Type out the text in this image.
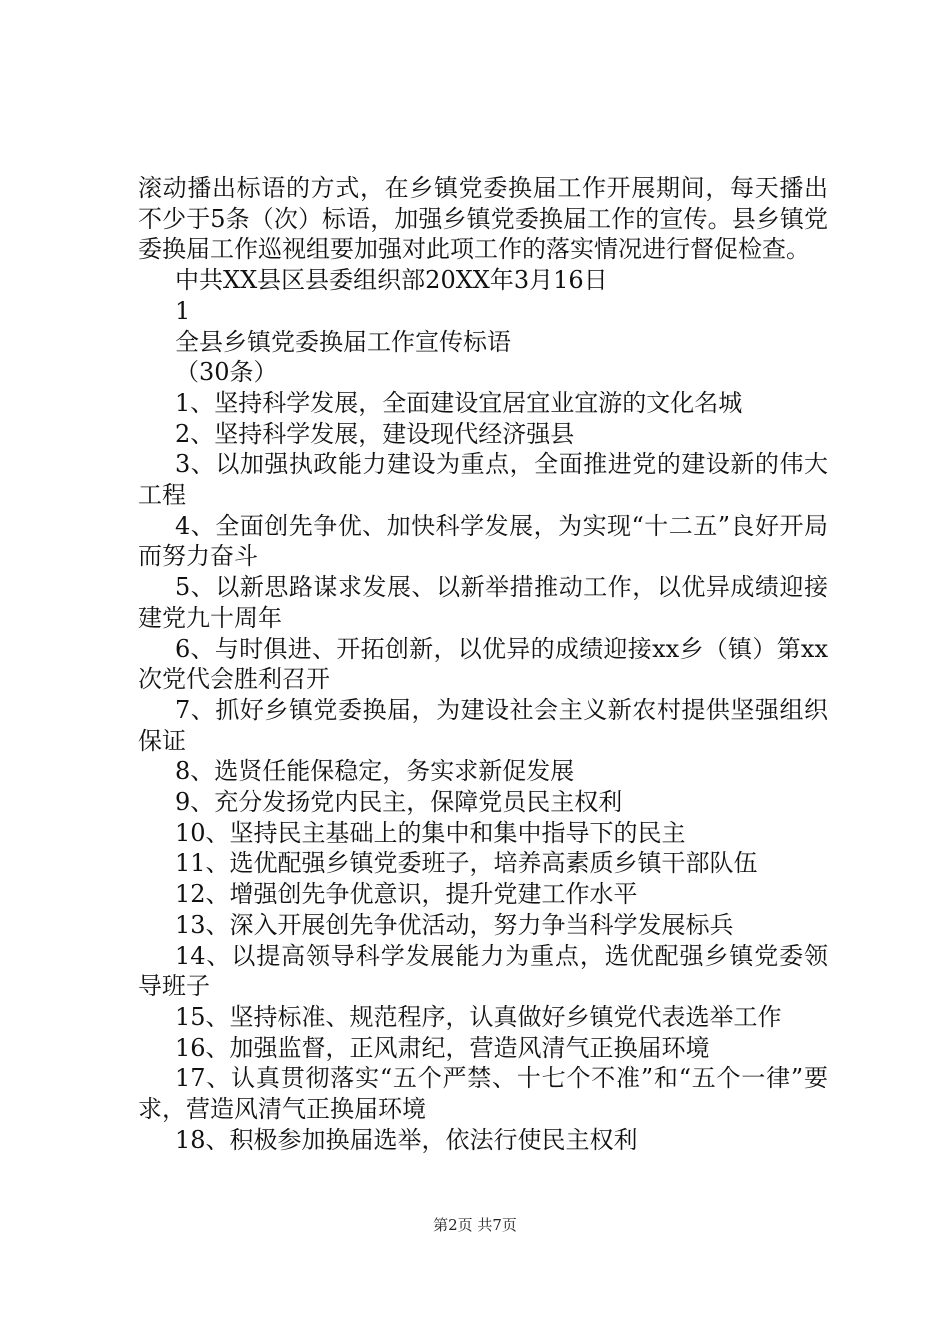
滚动播出标语的方式，在乡镇党委换届工作开展期间，每天播出不少于5条（次）标语，加强乡镇党委换届工作的宣传。县乡镇党委换届工作巡视组要加强对此项工作的落实情况进行督促检查。

中共XX县区县委组织部20XX年3月16日

1

全县乡镇党委换届工作宣传标语

（30条）

1、坚持科学发展，全面建设宜居宜业宜游的文化名城

2、坚持科学发展，建设现代经济强县

3、以加强执政能力建设为重点，全面推进党的建设新的伟大工程

4、全面创先争优、加快科学发展，为实现“十二五”良好开局而努力奋斗

5、以新思路谋求发展、以新举措推动工作，以优异成绩迎接建党九十周年

6、与时俱进、开拓创新，以优异的成绩迎接xx乡（镇）第xx次党代会胜利召开

7、抓好乡镇党委换届，为建设社会主义新农村提供坚强组织保证

8、选贤任能保稳定，务实求新促发展

9、充分发扬党内民主，保障党员民主权利

10、坚持民主基础上的集中和集中指导下的民主

11、选优配强乡镇党委班子，培养高素质乡镇干部队伍

12、增强创先争优意识，提升党建工作水平

13、深入开展创先争优活动，努力争当科学发展标兵

14、以提高领导科学发展能力为重点，选优配强乡镇党委领导班子

15、坚持标准、规范程序，认真做好乡镇党代表选举工作

16、加强监督，正风肃纪，营造风清气正换届环境

17、认真贯彻落实“五个严禁、十七个不准”和“五个一律”要求，营造风清气正换届环境

18、积极参加换届选举，依法行使民主权利

第2页 共7页
